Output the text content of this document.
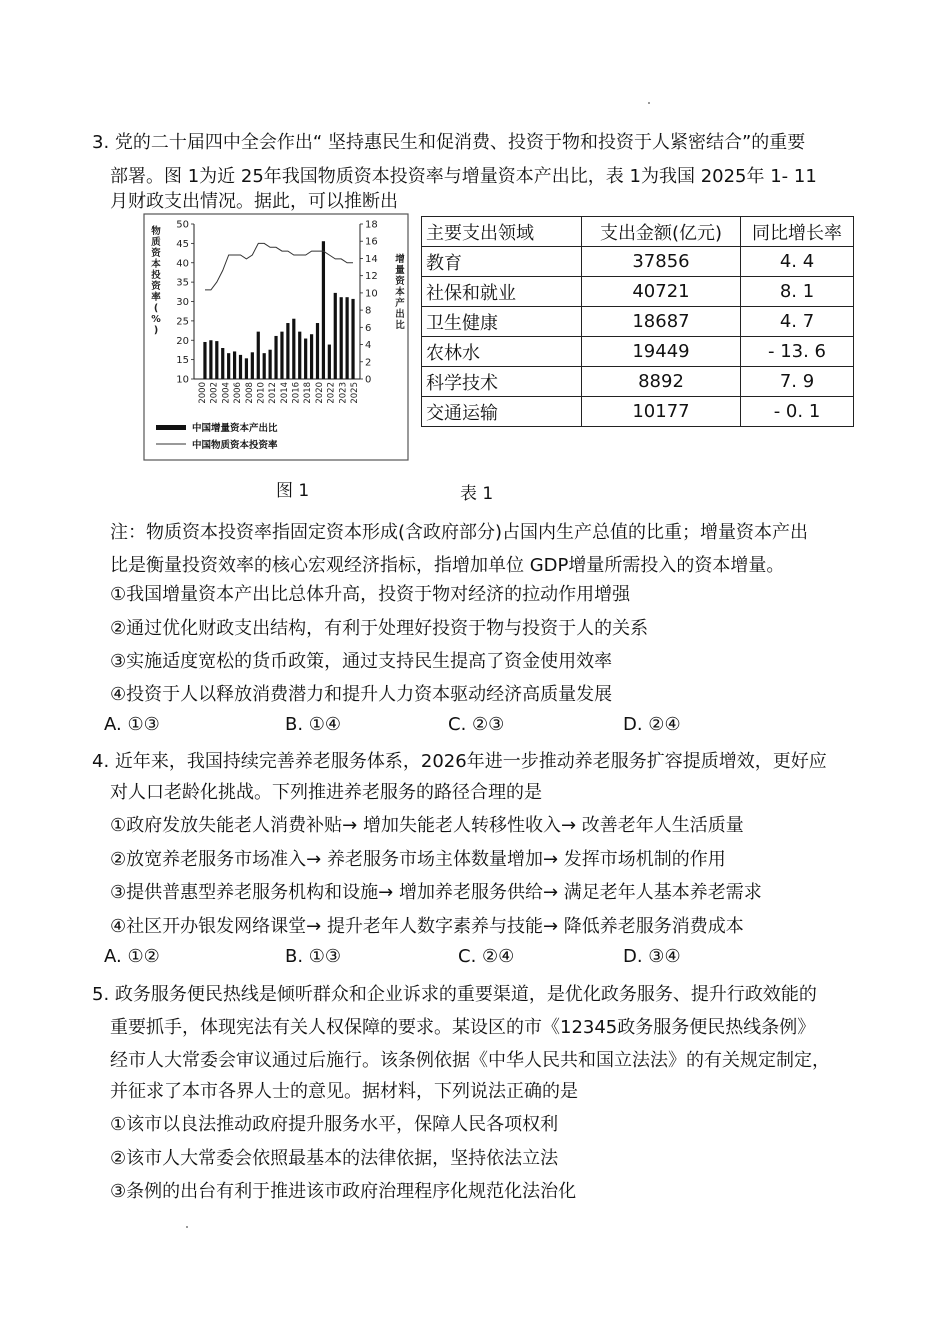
3. 党的二十届四中全会作出“ 坚持惠民生和促消费、投资于物和投资于人紧密结合”的重要
部署。图 1为近 25年我国物质资本投资率与增量资本产出比，表 1为我国 2025年 1- 11
月财政支出情况。据此，可以推断出
50
45
40
35
30
25
20
15
10
18
16
14
12
10
8
6
4
2
0
物
质
资
本
投
资
率
(
%
)
增
量
资
本
产
出
比
2000 2002 2004 2006 2008 2010 2012 2014 2016 2018 2020 2022 2023 2025
中国增量资本产出比
中国物质资本投资率
主要支出领域	支出金额(亿元)	同比增长率
教育	37856	4. 4
社保和就业	40721	8. 1
卫生健康	18687	4. 7
农林水	19449	- 13. 6
科学技术	8892	7. 9
交通运输	10177	- 0. 1
图 1	表 1
注：物质资本投资率指固定资本形成(含政府部分)占国内生产总值的比重；增量资本产出
比是衡量投资效率的核心宏观经济指标，指增加单位 GDP增量所需投入的资本增量。
①我国增量资本产出比总体升高，投资于物对经济的拉动作用增强
②通过优化财政支出结构，有利于处理好投资于物与投资于人的关系
③实施适度宽松的货币政策，通过支持民生提高了资金使用效率
④投资于人以释放消费潜力和提升人力资本驱动经济高质量发展
A. ①③	B. ①④	C. ②③	D. ②④
4. 近年来，我国持续完善养老服务体系，2026年进一步推动养老服务扩容提质增效，更好应
对人口老龄化挑战。下列推进养老服务的路径合理的是
①政府发放失能老人消费补贴→ 增加失能老人转移性收入→ 改善老年人生活质量
②放宽养老服务市场准入→ 养老服务市场主体数量增加→ 发挥市场机制的作用
③提供普惠型养老服务机构和设施→ 增加养老服务供给→ 满足老年人基本养老需求
④社区开办银发网络课堂→ 提升老年人数字素养与技能→ 降低养老服务消费成本
A. ①②	B. ①③	C. ②④	D. ③④
5. 政务服务便民热线是倾听群众和企业诉求的重要渠道，是优化政务服务、提升行政效能的
重要抓手，体现宪法有关人权保障的要求。某设区的市《12345政务服务便民热线条例》
经市人大常委会审议通过后施行。该条例依据《中华人民共和国立法法》的有关规定制定，
并征求了本市各界人士的意见。据材料，下列说法正确的是
①该市以良法推动政府提升服务水平，保障人民各项权利
②该市人大常委会依照最基本的法律依据，坚持依法立法
③条例的出台有利于推进该市政府治理程序化规范化法治化
